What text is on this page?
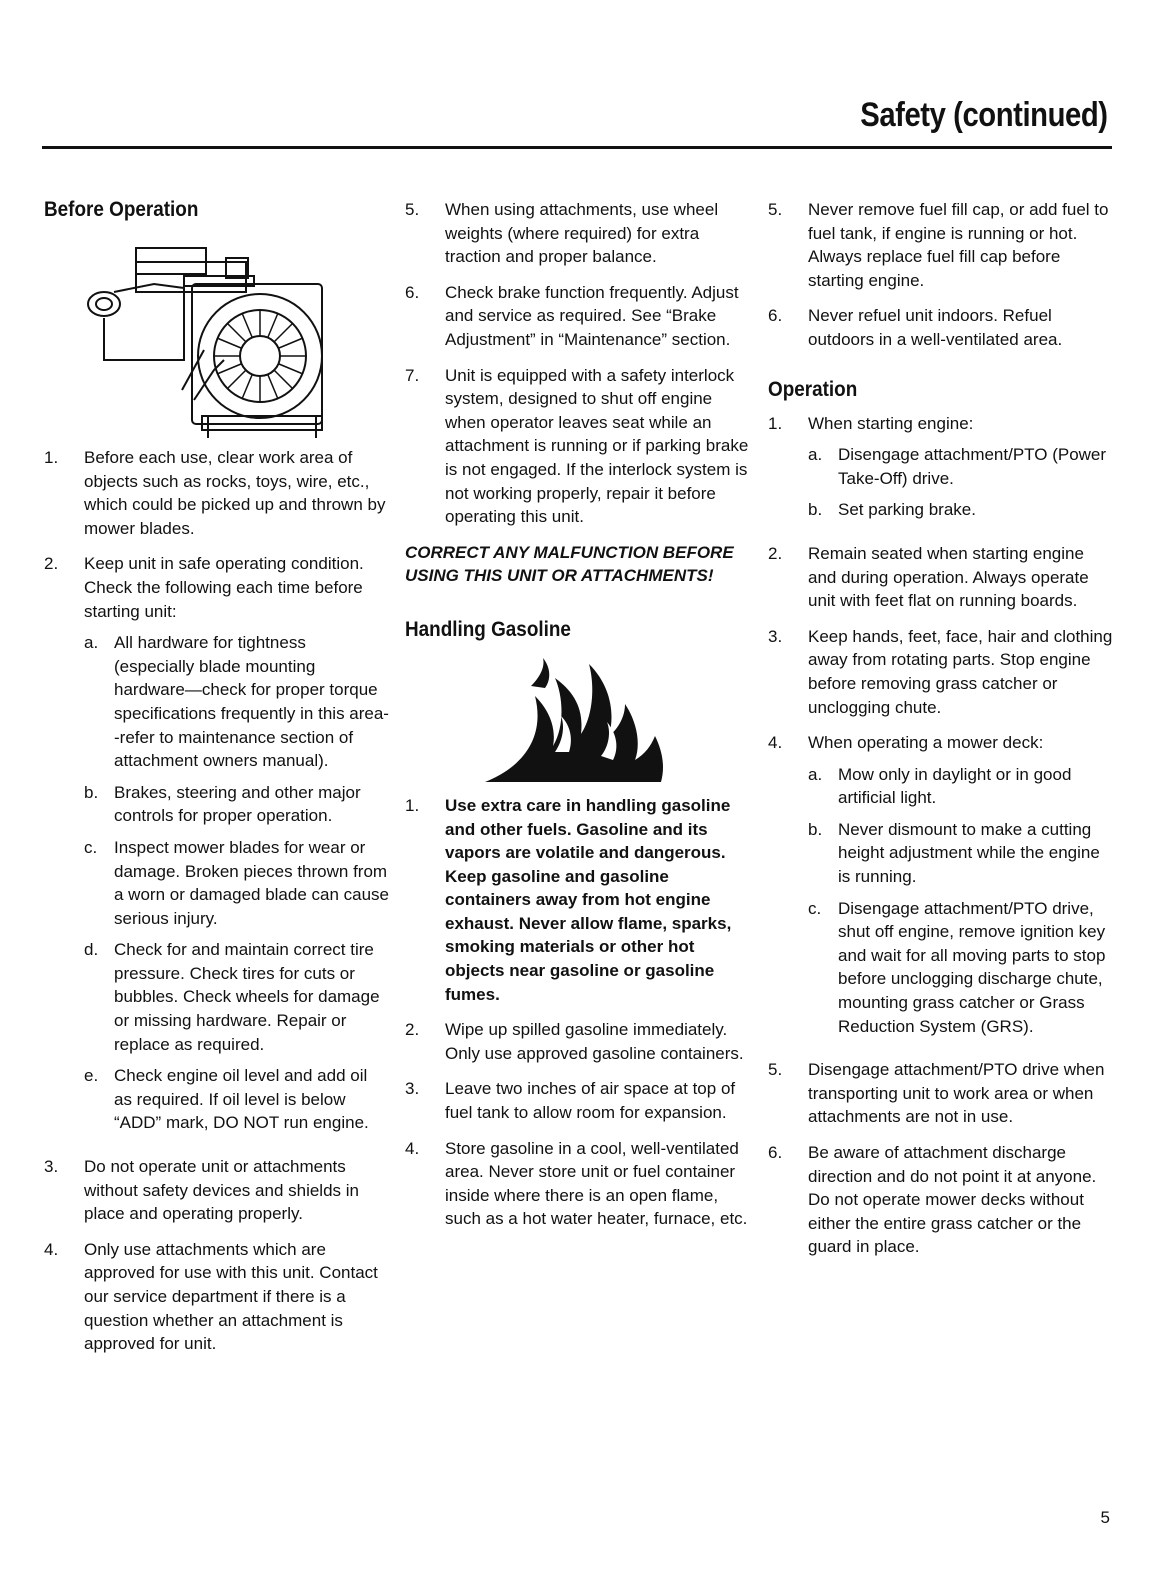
Safety (continued)
Before Operation
1.	Before each use, clear work area of objects such as rocks, toys, wire, etc., which could be picked up and thrown by mower blades.
2.	Keep unit in safe operating condition. Check the following each time before starting unit:
a. All hardware for tightness (especially blade mounting hardware—check for proper torque specifications frequently in this area--refer to maintenance section of attachment owners manual).
b. Brakes, steering and other major controls for proper operation.
c. Inspect mower blades for wear or damage. Broken pieces thrown from a worn or damaged blade can cause serious injury.
d. Check for and maintain correct tire pressure. Check tires for cuts or bubbles. Check wheels for damage or missing hardware. Repair or replace as required.
e. Check engine oil level and add oil as required. If oil level is below “ADD” mark, DO NOT run engine.
3.	Do not operate unit or attachments without safety devices and shields in place and operating properly.
4.	Only use attachments which are approved for use with this unit. Contact our service department if there is a question whether an attachment is approved for unit.
5.	When using attachments, use wheel weights (where required) for extra traction and proper balance.
6.	Check brake function frequently. Adjust and service as required. See “Brake Adjustment” in “Maintenance” section.
7.	Unit is equipped with a safety interlock system, designed to shut off engine when operator leaves seat while an attachment is running or if parking brake is not engaged. If the interlock system is not working properly, repair it before operating this unit.
CORRECT ANY MALFUNCTION BEFORE USING THIS UNIT OR ATTACHMENTS!
Handling Gasoline
1.	Use extra care in handling gasoline and other fuels. Gasoline and its vapors are volatile and dangerous. Keep gasoline and gasoline containers away from hot engine exhaust. Never allow flame, sparks, smoking materials or other hot objects near gasoline or gasoline fumes.
2.	Wipe up spilled gasoline immediately. Only use approved gasoline containers.
3.	Leave two inches of air space at top of fuel tank to allow room for expansion.
4.	Store gasoline in a cool, well-ventilated area. Never store unit or fuel container inside where there is an open flame, such as a hot water heater, furnace, etc.
5.	Never remove fuel fill cap, or add fuel to fuel tank, if engine is running or hot. Always replace fuel fill cap before starting engine.
6.	Never refuel unit indoors. Refuel outdoors in a well-ventilated area.
Operation
1.	When starting engine:
a. Disengage attachment/PTO (Power Take-Off) drive.
b. Set parking brake.
2.	Remain seated when starting engine and during operation. Always operate unit with feet flat on running boards.
3.	Keep hands, feet, face, hair and clothing away from rotating parts. Stop engine before removing grass catcher or unclogging chute.
4.	When operating a mower deck:
a. Mow only in daylight or in good artificial light.
b. Never dismount to make a cutting height adjustment while the engine is running.
c. Disengage attachment/PTO drive, shut off engine, remove ignition key and wait for all moving parts to stop before unclogging discharge chute, mounting grass catcher or Grass Reduction System (GRS).
5.	Disengage attachment/PTO drive when transporting unit to work area or when attachments are not in use.
6.	Be aware of attachment discharge direction and do not point it at anyone. Do not operate mower decks without either the entire grass catcher or the guard in place.

5
